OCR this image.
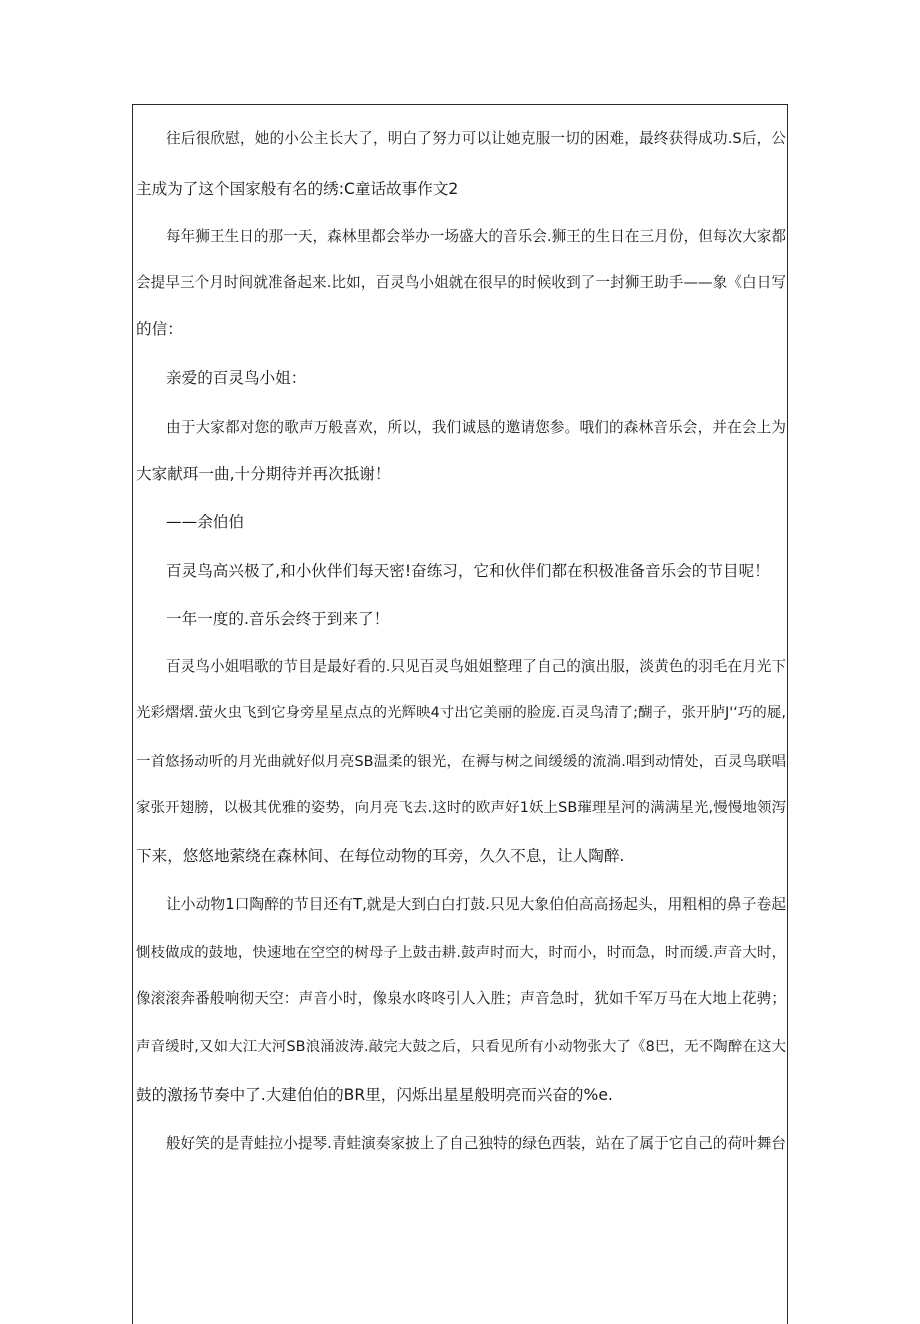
往后很欣慰，她的小公主长大了，明白了努力可以让她克服一切的困难，最终获得成功.S后，公
主成为了这个国家般有名的绣:C童话故事作文2
每年狮王生日的那一天，森林里都会举办一场盛大的音乐会.狮王的生日在三月份，但每次大家都
会提早三个月时间就准备起来.比如，百灵鸟小姐就在很早的时候收到了一封狮王助手——象《白日写
的信：
亲爱的百灵鸟小姐：
由于大家都对您的歌声万般喜欢，所以，我们诚恳的邀请您参。哦们的森林音乐会，并在会上为
大家献珥一曲,十分期待并再次抵谢！
——余伯伯
百灵鸟高兴极了,和小伙伴们每天密!奋练习，它和伙伴们都在积极准备音乐会的节目呢！
一年一度的.音乐会终于到来了！
百灵鸟小姐唱歌的节目是最好看的.只见百灵鸟姐姐整理了自己的演出服，淡黄色的羽毛在月光下
光彩熠熠.萤火虫飞到它身旁星星点点的光辉映4寸出它美丽的脸庞.百灵鸟清了;醐子，张开胪J'‘巧的屣,
一首悠扬动听的月光曲就好似月亮SB温柔的银光，在褥与树之间缓缓的流淌.唱到动情处，百灵鸟联唱
家张开翅膀，以极其优雅的姿势，向月亮飞去.这时的欧声好1妖上SB璀理星河的满满星光,慢慢地领泻
下来，悠悠地萦绕在森林间、在每位动物的耳旁，久久不息，让人陶醉.
让小动物1口陶醉的节目还有T,就是大到白白打鼓.只见大象伯伯高高扬起头，用粗相的鼻子卷起
惻枝做成的鼓地，快速地在空空的树母子上鼓击耕.鼓声时而大，时而小，时而急，时而缓.声音大时，
像滚滚奔番般响彻天空：声音小时，像泉水咚咚引人入胜；声音急时，犹如千军万马在大地上花骋；
声音缓时,又如大江大河SB浪涌波涛.敲完大鼓之后，只看见所有小动物张大了《8巴，无不陶醉在这大
鼓的激扬节奏中了.大建伯伯的BR里，闪烁出星星般明亮而兴奋的%e.
般好笑的是青蛙拉小提琴.青蛙演奏家披上了自己独特的绿色西装，站在了属于它自己的荷叶舞台
